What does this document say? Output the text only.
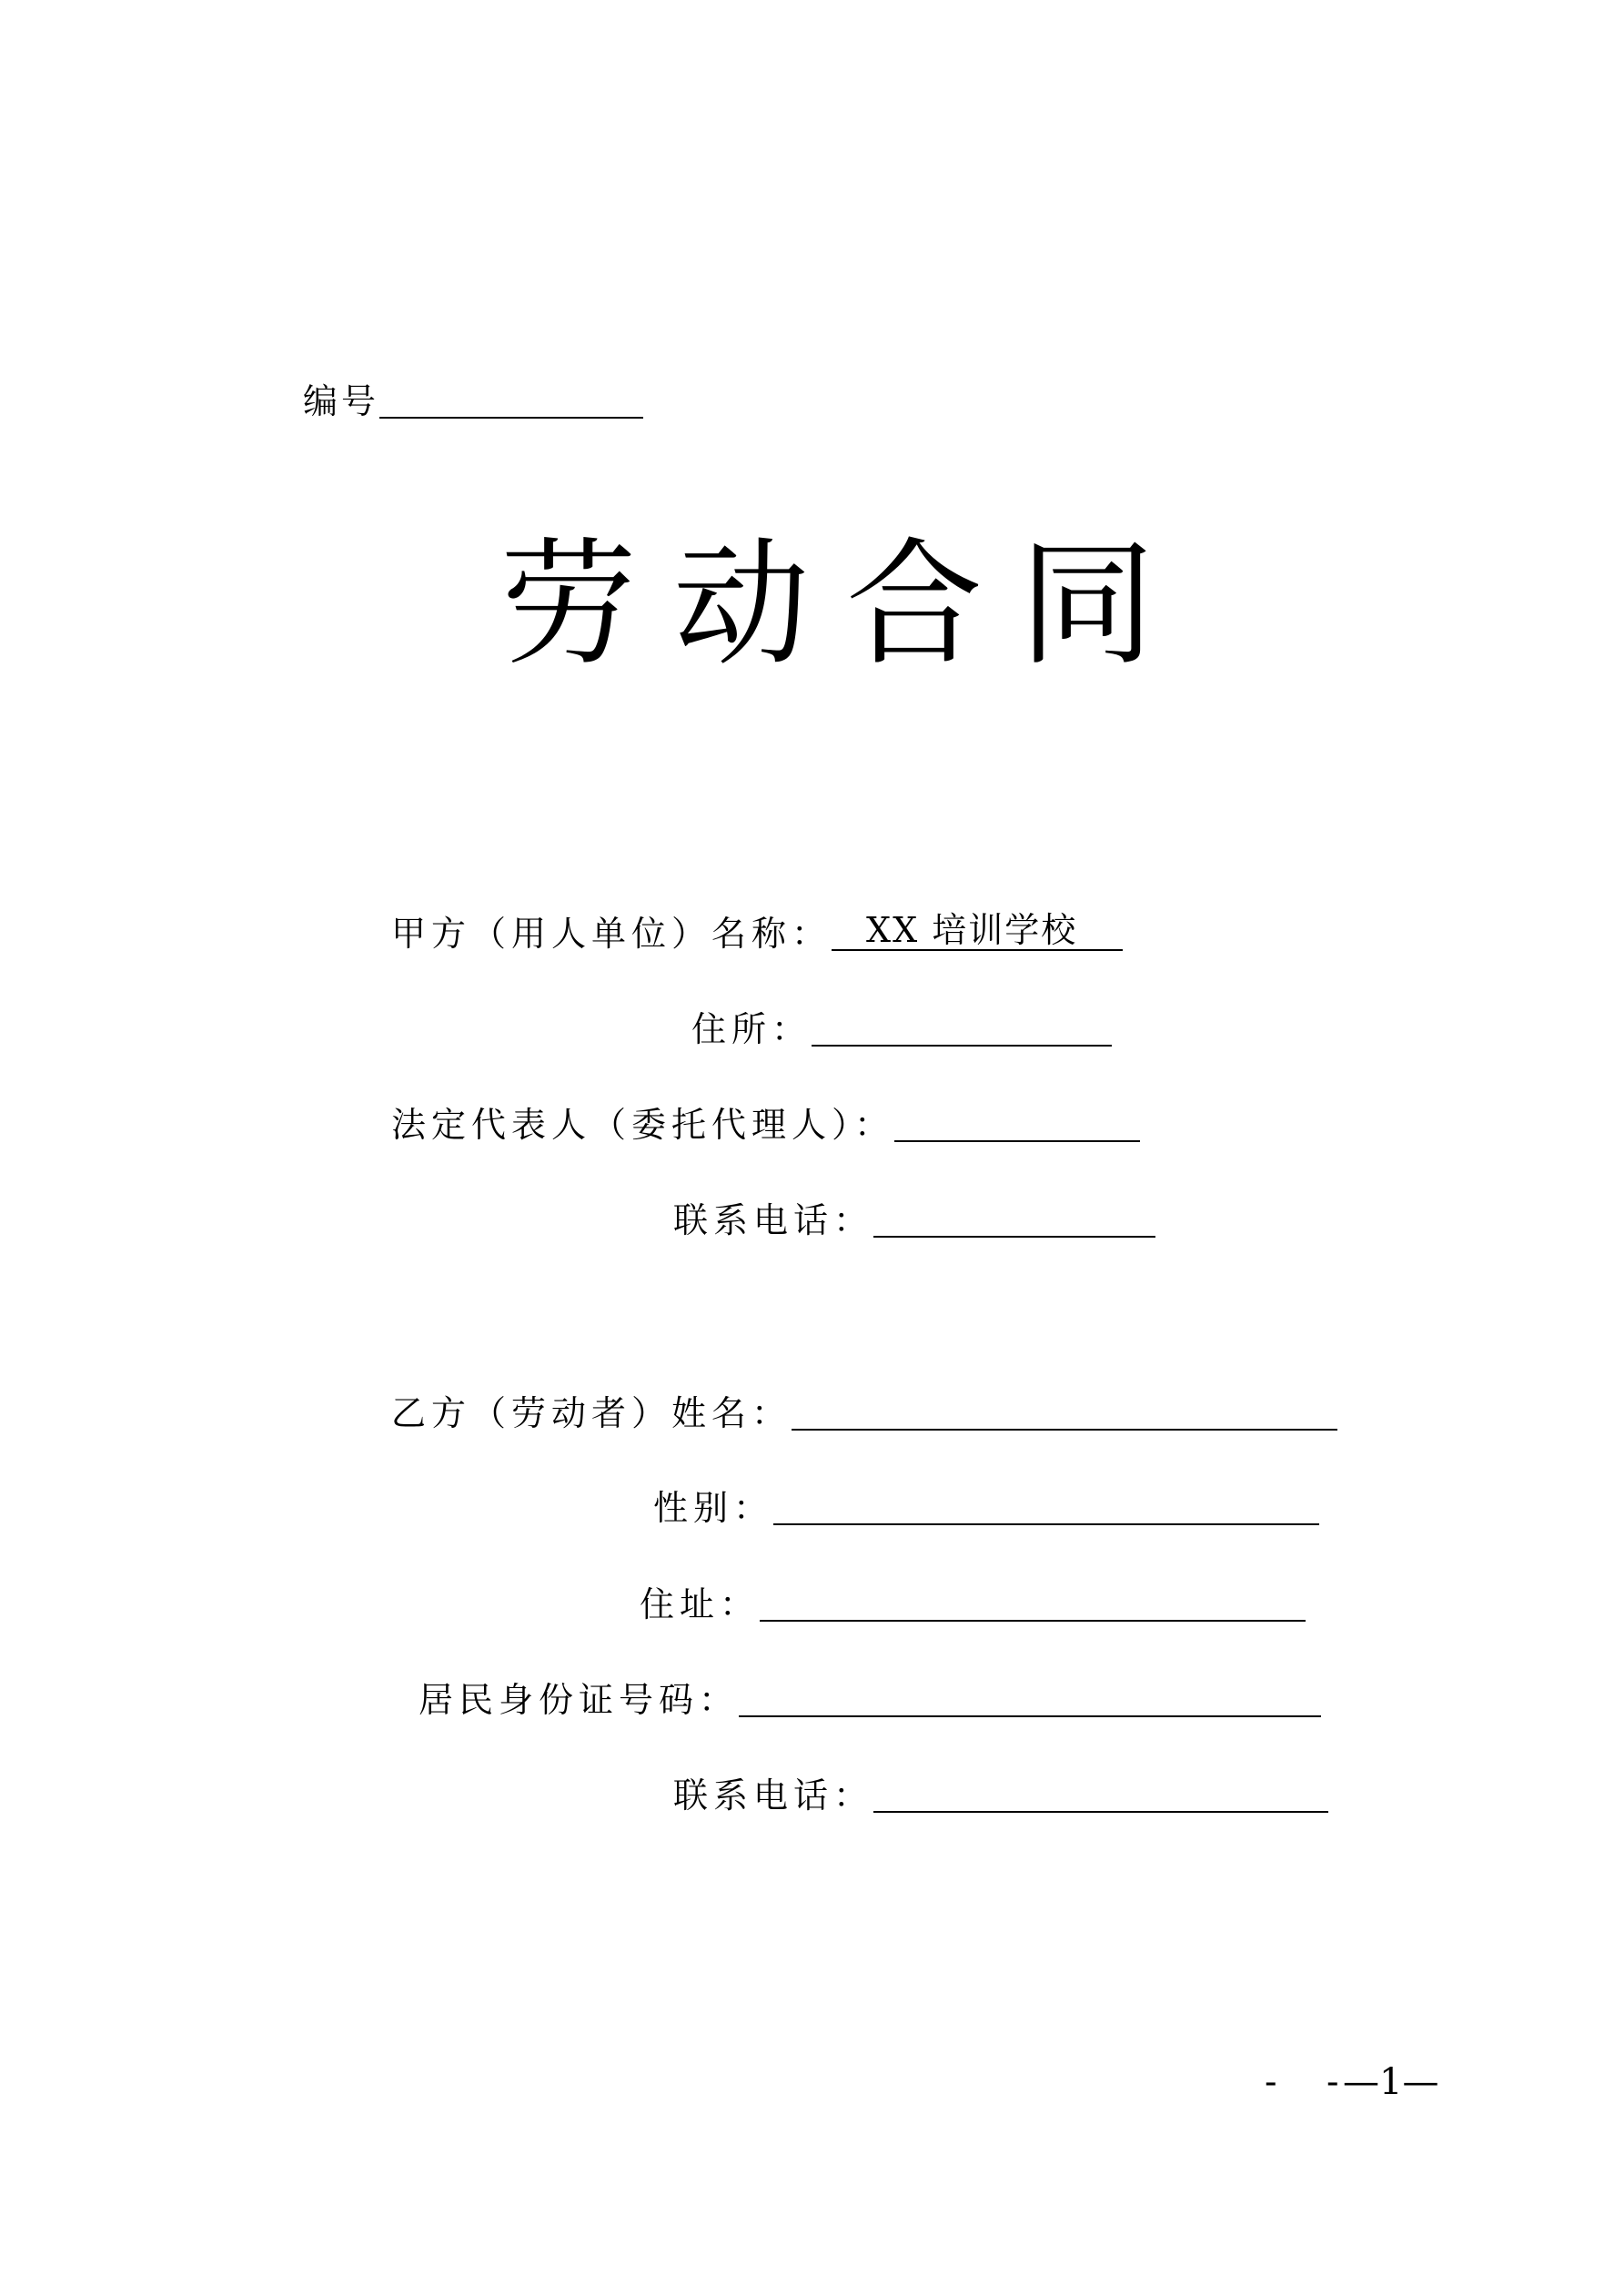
编号
劳 动 合 同
甲方（用人单位）名称： XX 培训学校
住所：
法定代表人（委托代理人）：
联系电话：
乙方（劳动者）姓名：
性别：
住址：
居民身份证号码：
联系电话：
- - —1—
